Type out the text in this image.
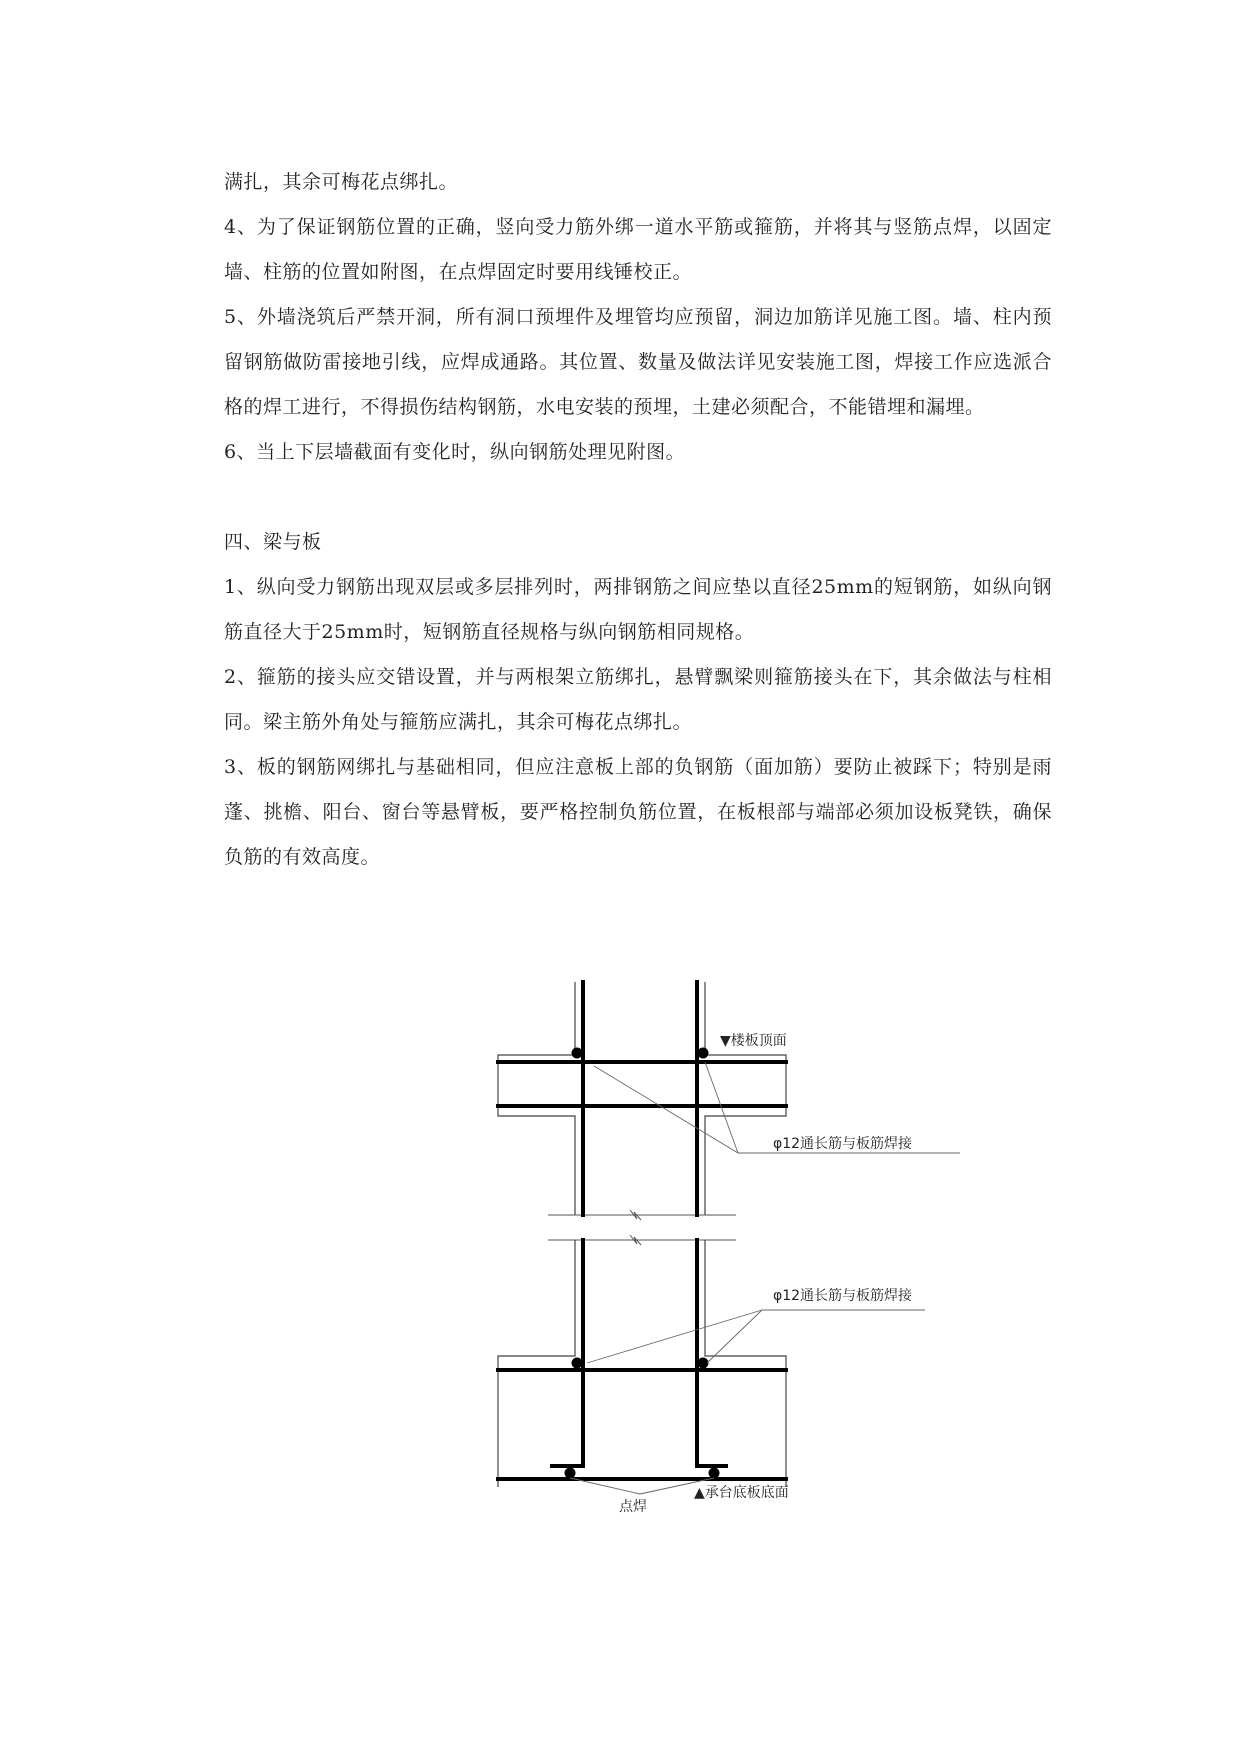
满扎，其余可梅花点绑扎。

4、为了保证钢筋位置的正确，竖向受力筋外绑一道水平筋或箍筋，并将其与竖筋点焊，以固定墙、柱筋的位置如附图，在点焊固定时要用线锤校正。

5、外墙浇筑后严禁开洞，所有洞口预埋件及埋管均应预留，洞边加筋详见施工图。墙、柱内预留钢筋做防雷接地引线，应焊成通路。其位置、数量及做法详见安装施工图，焊接工作应选派合格的焊工进行，不得损伤结构钢筋，水电安装的预埋，土建必须配合，不能错埋和漏埋。

6、当上下层墙截面有变化时，纵向钢筋处理见附图。

四、梁与板

1、纵向受力钢筋出现双层或多层排列时，两排钢筋之间应垫以直径25mm的短钢筋，如纵向钢筋直径大于25mm时，短钢筋直径规格与纵向钢筋相同规格。

2、箍筋的接头应交错设置，并与两根架立筋绑扎，悬臂飘梁则箍筋接头在下，其余做法与柱相同。梁主筋外角处与箍筋应满扎，其余可梅花点绑扎。

3、板的钢筋网绑扎与基础相同，但应注意板上部的负钢筋（面加筋）要防止被踩下；特别是雨蓬、挑檐、阳台、窗台等悬臂板，要严格控制负筋位置，在板根部与端部必须加设板凳铁，确保负筋的有效高度。

▼楼板顶面
φ12通长筋与板筋焊接
φ12通长筋与板筋焊接
点焊
▲承台底板底面
